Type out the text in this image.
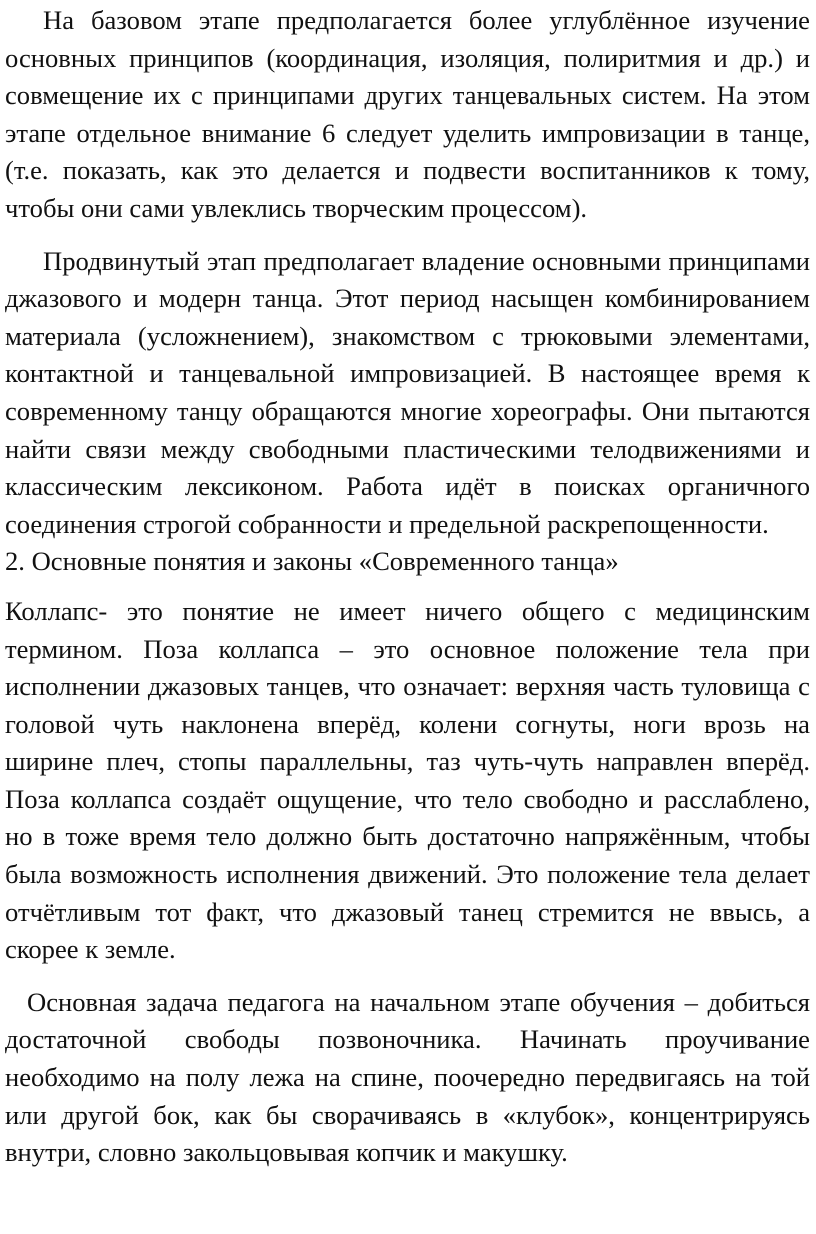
На базовом этапе предполагается более углублённое изучение основных принципов (координация, изоляция, полиритмия и др.) и совмещение их с принципами других танцевальных систем. На этом этапе отдельное внимание 6 следует уделить импровизации в танце, (т.е. показать, как это делается и подвести воспитанников к тому, чтобы они сами увлеклись творческим процессом).

Продвинутый этап предполагает владение основными принципами джазового и модерн танца. Этот период насыщен комбинированием материала (усложнением), знакомством с трюковыми элементами, контактной и танцевальной импровизацией. В настоящее время к современному танцу обращаются многие хореографы. Они пытаются найти связи между свободными пластическими телодвижениями и классическим лексиконом. Работа идёт в поисках органичного соединения строгой собранности и предельной раскрепощенности.

2. Основные понятия и законы «Современного танца»

Коллапс- это понятие не имеет ничего общего с медицинским термином. Поза коллапса – это основное положение тела при исполнении джазовых танцев, что означает: верхняя часть туловища с головой чуть наклонена вперёд, колени согнуты, ноги врозь на ширине плеч, стопы параллельны, таз чуть-чуть направлен вперёд. Поза коллапса создаёт ощущение, что тело свободно и расслаблено, но в тоже время тело должно быть достаточно напряжённым, чтобы была возможность исполнения движений. Это положение тела делает отчётливым тот факт, что джазовый танец стремится не ввысь, а скорее к земле.

Основная задача педагога на начальном этапе обучения – добиться достаточной свободы позвоночника. Начинать проучивание необходимо на полу лежа на спине, поочередно передвигаясь на той или другой бок, как бы сворачиваясь в «клубок», концентрируясь внутри, словно закольцовывая копчик и макушку.
